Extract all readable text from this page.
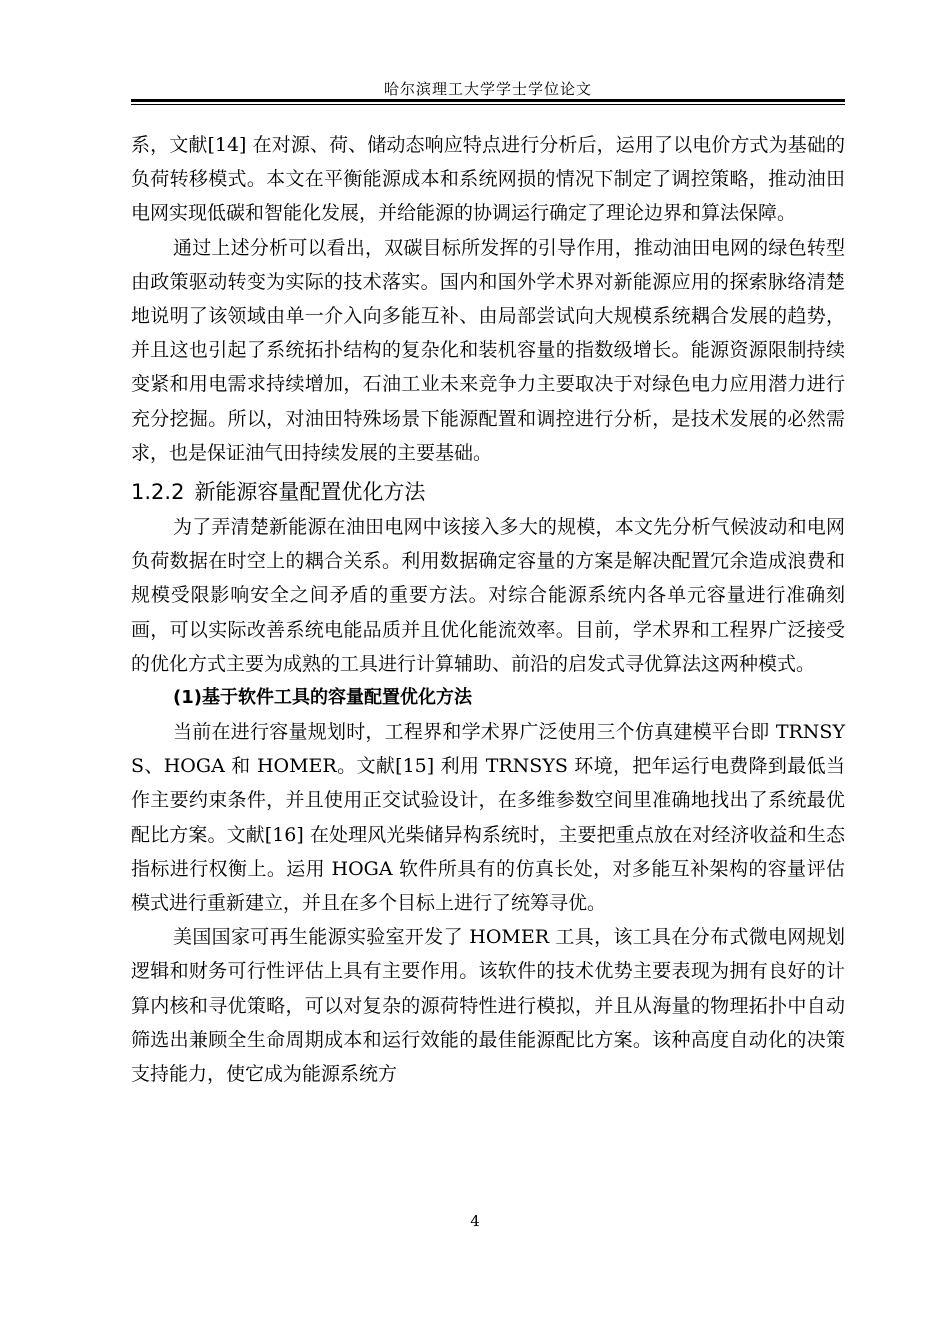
哈尔滨理工大学学士学位论文

系，文献[14] 在对源、荷、储动态响应特点进行分析后，运用了以电价方式为基础的负荷转移模式。本文在平衡能源成本和系统网损的情况下制定了调控策略，推动油田电网实现低碳和智能化发展，并给能源的协调运行确定了理论边界和算法保障。

通过上述分析可以看出，双碳目标所发挥的引导作用，推动油田电网的绿色转型由政策驱动转变为实际的技术落实。国内和国外学术界对新能源应用的探索脉络清楚地说明了该领域由单一介入向多能互补、由局部尝试向大规模系统耦合发展的趋势，并且这也引起了系统拓扑结构的复杂化和装机容量的指数级增长。能源资源限制持续变紧和用电需求持续增加，石油工业未来竞争力主要取决于对绿色电力应用潜力进行充分挖掘。所以，对油田特殊场景下能源配置和调控进行分析，是技术发展的必然需求，也是保证油气田持续发展的主要基础。

1.2.2 新能源容量配置优化方法

为了弄清楚新能源在油田电网中该接入多大的规模，本文先分析气候波动和电网负荷数据在时空上的耦合关系。利用数据确定容量的方案是解决配置冗余造成浪费和规模受限影响安全之间矛盾的重要方法。对综合能源系统内各单元容量进行准确刻画，可以实际改善系统电能品质并且优化能流效率。目前，学术界和工程界广泛接受的优化方式主要为成熟的工具进行计算辅助、前沿的启发式寻优算法这两种模式。

(1)基于软件工具的容量配置优化方法

当前在进行容量规划时，工程界和学术界广泛使用三个仿真建模平台即 TRNSYS、HOGA 和 HOMER。文献[15] 利用 TRNSYS 环境，把年运行电费降到最低当作主要约束条件，并且使用正交试验设计，在多维参数空间里准确地找出了系统最优配比方案。文献[16] 在处理风光柴储异构系统时，主要把重点放在对经济收益和生态指标进行权衡上。运用 HOGA 软件所具有的仿真长处，对多能互补架构的容量评估模式进行重新建立，并且在多个目标上进行了统筹寻优。

美国国家可再生能源实验室开发了 HOMER 工具，该工具在分布式微电网规划逻辑和财务可行性评估上具有主要作用。该软件的技术优势主要表现为拥有良好的计算内核和寻优策略，可以对复杂的源荷特性进行模拟，并且从海量的物理拓扑中自动筛选出兼顾全生命周期成本和运行效能的最佳能源配比方案。该种高度自动化的决策支持能力，使它成为能源系统方

4
